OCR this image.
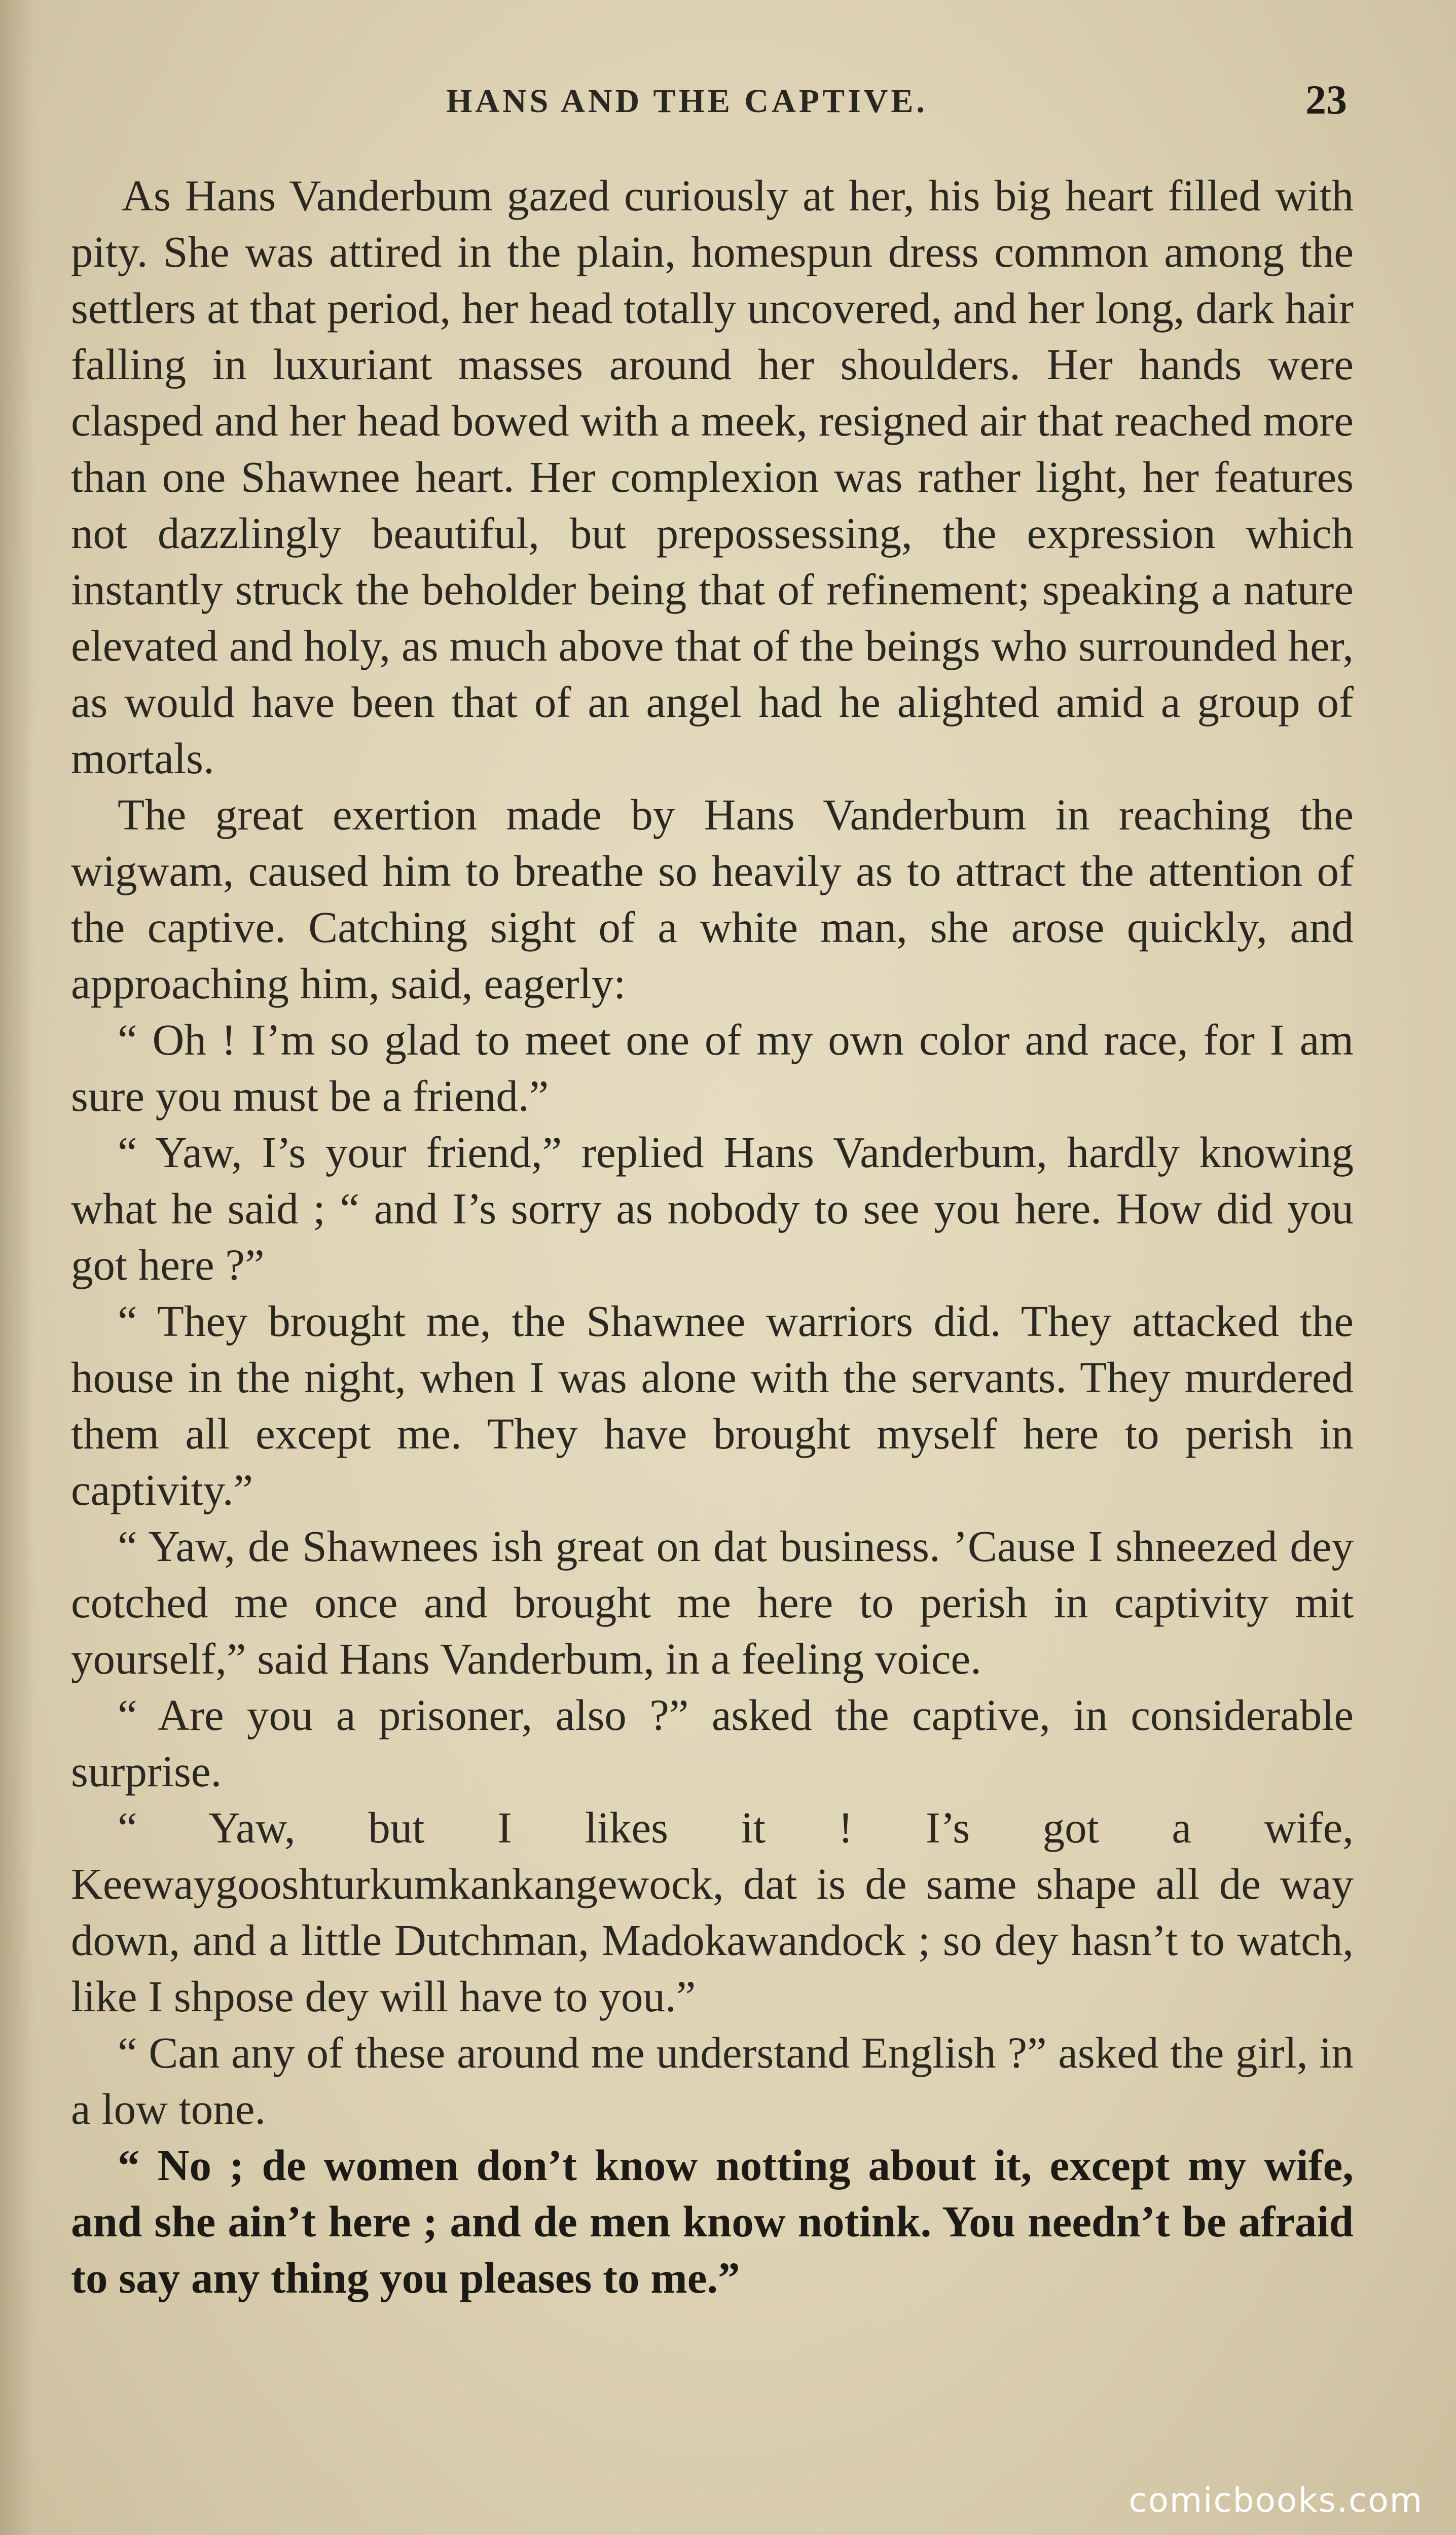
HANS AND THE CAPTIVE.	23

As Hans Vanderbum gazed curiously at her, his big heart filled with pity. She was attired in the plain, homespun dress common among the settlers at that period, her head totally uncovered, and her long, dark hair falling in luxuriant masses around her shoulders. Her hands were clasped and her head bowed with a meek, resigned air that reached more than one Shawnee heart. Her complexion was rather light, her features not dazzlingly beautiful, but prepossessing, the expression which instantly struck the beholder being that of refinement; speaking a nature elevated and holy, as much above that of the beings who surrounded her, as would have been that of an angel had he alighted amid a group of mortals.

The great exertion made by Hans Vanderbum in reaching the wigwam, caused him to breathe so heavily as to attract the attention of the captive. Catching sight of a white man, she arose quickly, and approaching him, said, eagerly:

“ Oh ! I’m so glad to meet one of my own color and race, for I am sure you must be a friend.”

“ Yaw, I’s your friend,” replied Hans Vanderbum, hardly knowing what he said ; “ and I’s sorry as nobody to see you here. How did you got here ?”

“ They brought me, the Shawnee warriors did. They attacked the house in the night, when I was alone with the servants. They murdered them all except me. They have brought myself here to perish in captivity.”

“ Yaw, de Shawnees ish great on dat business. ’Cause I shneezed dey cotched me once and brought me here to perish in captivity mit yourself,” said Hans Vanderbum, in a feeling voice.

“ Are you a prisoner, also ?” asked the captive, in considerable surprise.

“ Yaw, but I likes it ! I’s got a wife, Keewaygooshturkumkankangewock, dat is de same shape all de way down, and a little Dutchman, Madokawandock ; so dey hasn’t to watch, like I shpose dey will have to you.”

“ Can any of these around me understand English ?” asked the girl, in a low tone.

“ No ; de women don’t know notting about it, except my wife, and she ain’t here ; and de men know notink. You needn’t be afraid to say any thing you pleases to me.”

comicbooks.com
